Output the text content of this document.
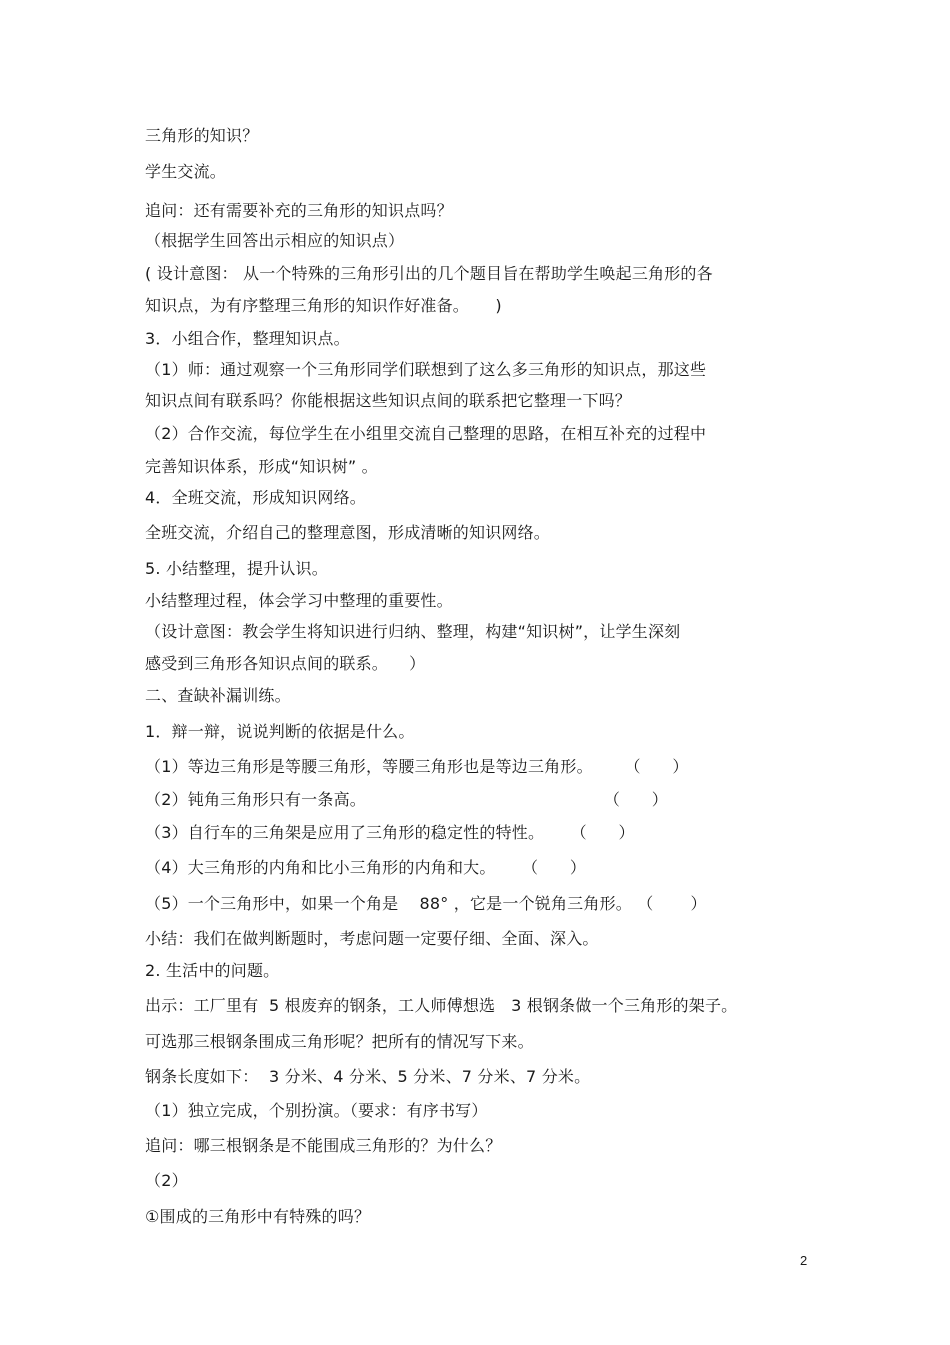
三角形的知识？
学生交流。
追问：还有需要补充的三角形的知识点吗？
（根据学生回答出示相应的知识点）
( 设计意图： 从一个特殊的三角形引出的几个题目旨在帮助学生唤起三角形的各
知识点，为有序整理三角形的知识作好准备。     )
3．小组合作，整理知识点。
（1）师：通过观察一个三角形同学们联想到了这么多三角形的知识点，那这些
知识点间有联系吗？你能根据这些知识点间的联系把它整理一下吗？
（2）合作交流，每位学生在小组里交流自己整理的思路，在相互补充的过程中
完善知识体系，形成“知识树” 。
4．全班交流，形成知识网络。
全班交流，介绍自己的整理意图，形成清晰的知识网络。
5. 小结整理，提升认识。
小结整理过程，体会学习中整理的重要性。
（设计意图：教会学生将知识进行归纳、整理，构建“知识树”，让学生深刻
感受到三角形各知识点间的联系。    ）
二、查缺补漏训练。
1．辩一辩，说说判断的依据是什么。
（1）等边三角形是等腰三角形，等腰三角形也是等边三角形。      （      ）
（2）钝角三角形只有一条高。                                             （      ）
（3）自行车的三角架是应用了三角形的稳定性的特性。     （      ）
（4）大三角形的内角和比小三角形的内角和大。     （      ）
（5）一个三角形中，如果一个角是    88° ，它是一个锐角三角形。 （       ）
小结：我们在做判断题时，考虑问题一定要仔细、全面、深入。
2. 生活中的问题。
出示：工厂里有  5 根废弃的钢条，工人师傅想选   3 根钢条做一个三角形的架子。
可选那三根钢条围成三角形呢？把所有的情况写下来。
钢条长度如下：  3 分米、4 分米、5 分米、7 分米、7 分米。
（1）独立完成，个别扮演。（要求：有序书写）
追问：哪三根钢条是不能围成三角形的？为什么？
（2）
①围成的三角形中有特殊的吗？
2
